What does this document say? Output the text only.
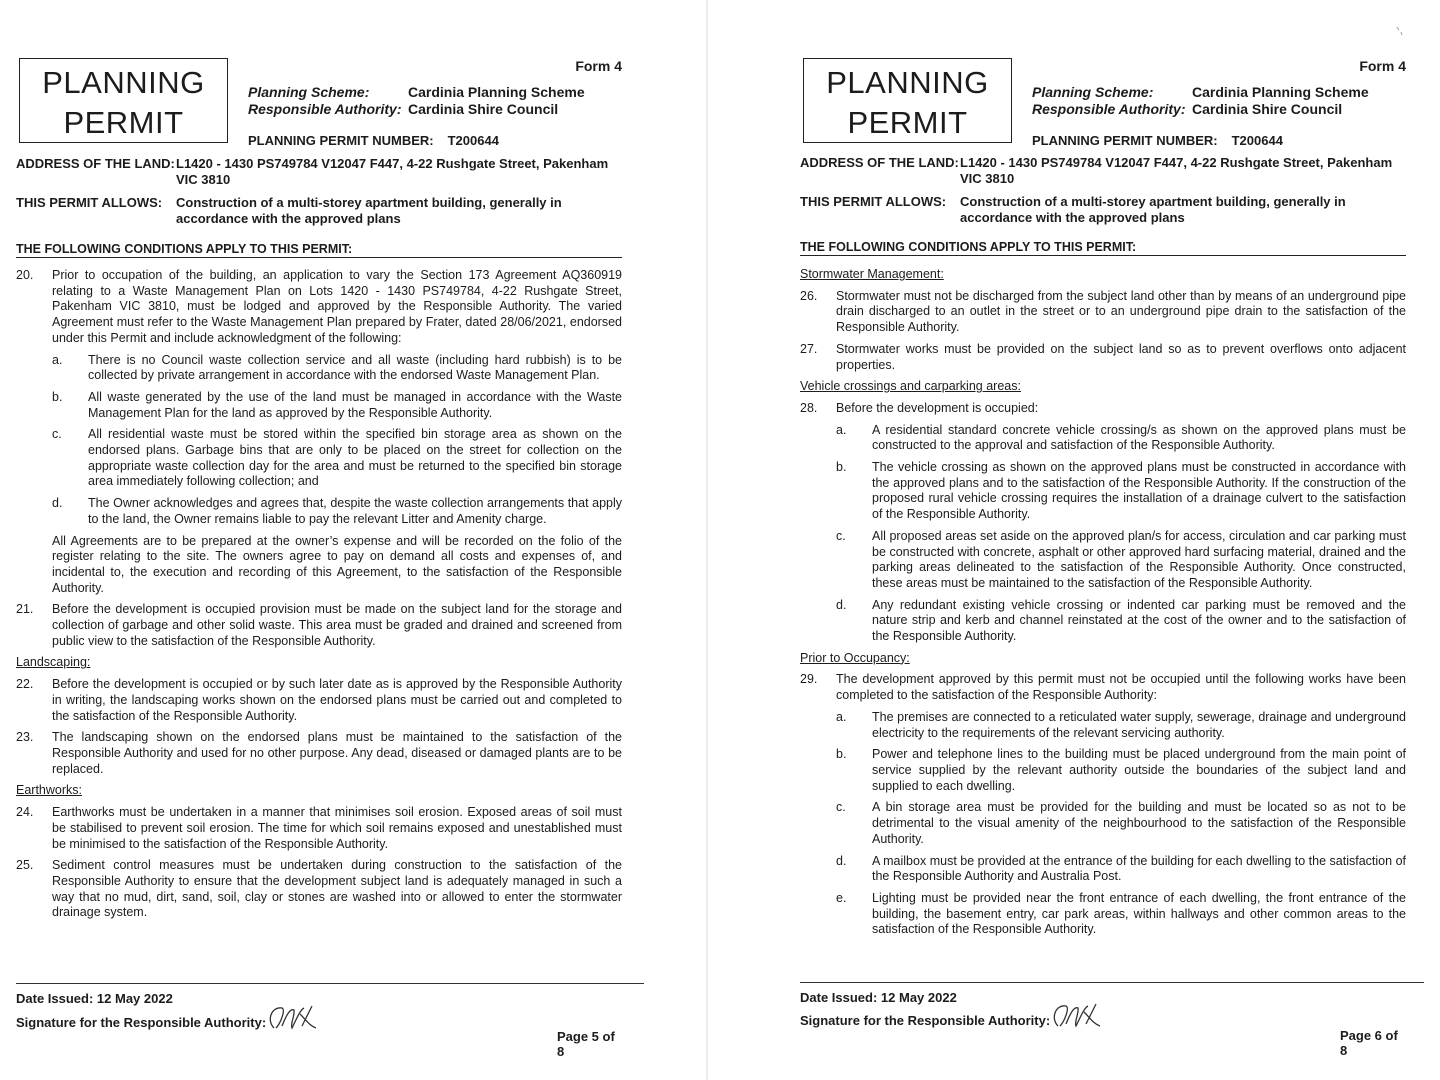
Form 4
PLANNING
PERMIT
Planning Scheme:	Cardinia Planning Scheme
Responsible Authority: Cardinia Shire Council
PLANNING PERMIT NUMBER: T200644
ADDRESS OF THE LAND: L1420 - 1430 PS749784 V12047 F447, 4-22 Rushgate Street, Pakenham VIC 3810
THIS PERMIT ALLOWS:	Construction of a multi-storey apartment building, generally in accordance with the approved plans
THE FOLLOWING CONDITIONS APPLY TO THIS PERMIT:
20.	Prior to occupation of the building, an application to vary the Section 173 Agreement AQ360919 relating to a Waste Management Plan on Lots 1420 - 1430 PS749784, 4-22 Rushgate Street, Pakenham VIC 3810, must be lodged and approved by the Responsible Authority. The varied Agreement must refer to the Waste Management Plan prepared by Frater, dated 28/06/2021, endorsed under this Permit and include acknowledgment of the following:
a.	There is no Council waste collection service and all waste (including hard rubbish) is to be collected by private arrangement in accordance with the endorsed Waste Management Plan.
b.	All waste generated by the use of the land must be managed in accordance with the Waste Management Plan for the land as approved by the Responsible Authority.
c.	All residential waste must be stored within the specified bin storage area as shown on the endorsed plans. Garbage bins that are only to be placed on the street for collection on the appropriate waste collection day for the area and must be returned to the specified bin storage area immediately following collection; and
d.	The Owner acknowledges and agrees that, despite the waste collection arrangements that apply to the land, the Owner remains liable to pay the relevant Litter and Amenity charge.
All Agreements are to be prepared at the owner’s expense and will be recorded on the folio of the register relating to the site. The owners agree to pay on demand all costs and expenses of, and incidental to, the execution and recording of this Agreement, to the satisfaction of the Responsible Authority.
21.	Before the development is occupied provision must be made on the subject land for the storage and collection of garbage and other solid waste. This area must be graded and drained and screened from public view to the satisfaction of the Responsible Authority.
Landscaping:
22.	Before the development is occupied or by such later date as is approved by the Responsible Authority in writing, the landscaping works shown on the endorsed plans must be carried out and completed to the satisfaction of the Responsible Authority.
23.	The landscaping shown on the endorsed plans must be maintained to the satisfaction of the Responsible Authority and used for no other purpose. Any dead, diseased or damaged plants are to be replaced.
Earthworks:
24.	Earthworks must be undertaken in a manner that minimises soil erosion. Exposed areas of soil must be stabilised to prevent soil erosion. The time for which soil remains exposed and unestablished must be minimised to the satisfaction of the Responsible Authority.
25.	Sediment control measures must be undertaken during construction to the satisfaction of the Responsible Authority to ensure that the development subject land is adequately managed in such a way that no mud, dirt, sand, soil, clay or stones are washed into or allowed to enter the stormwater drainage system.
Date Issued: 12 May 2022
Signature for the Responsible Authority:
Page 5 of 8
Form 4
PLANNING
PERMIT
Planning Scheme:	Cardinia Planning Scheme
Responsible Authority: Cardinia Shire Council
PLANNING PERMIT NUMBER: T200644
ADDRESS OF THE LAND: L1420 - 1430 PS749784 V12047 F447, 4-22 Rushgate Street, Pakenham VIC 3810
THIS PERMIT ALLOWS:	Construction of a multi-storey apartment building, generally in accordance with the approved plans
THE FOLLOWING CONDITIONS APPLY TO THIS PERMIT:
Stormwater Management:
26.	Stormwater must not be discharged from the subject land other than by means of an underground pipe drain discharged to an outlet in the street or to an underground pipe drain to the satisfaction of the Responsible Authority.
27.	Stormwater works must be provided on the subject land so as to prevent overflows onto adjacent properties.
Vehicle crossings and carparking areas:
28.	Before the development is occupied:
a.	A residential standard concrete vehicle crossing/s as shown on the approved plans must be constructed to the approval and satisfaction of the Responsible Authority.
b.	The vehicle crossing as shown on the approved plans must be constructed in accordance with the approved plans and to the satisfaction of the Responsible Authority. If the construction of the proposed rural vehicle crossing requires the installation of a drainage culvert to the satisfaction of the Responsible Authority.
c.	All proposed areas set aside on the approved plan/s for access, circulation and car parking must be constructed with concrete, asphalt or other approved hard surfacing material, drained and the parking areas delineated to the satisfaction of the Responsible Authority. Once constructed, these areas must be maintained to the satisfaction of the Responsible Authority.
d.	Any redundant existing vehicle crossing or indented car parking must be removed and the nature strip and kerb and channel reinstated at the cost of the owner and to the satisfaction of the Responsible Authority.
Prior to Occupancy:
29.	The development approved by this permit must not be occupied until the following works have been completed to the satisfaction of the Responsible Authority:
a.	The premises are connected to a reticulated water supply, sewerage, drainage and underground electricity to the requirements of the relevant servicing authority.
b.	Power and telephone lines to the building must be placed underground from the main point of service supplied by the relevant authority outside the boundaries of the subject land and supplied to each dwelling.
c.	A bin storage area must be provided for the building and must be located so as not to be detrimental to the visual amenity of the neighbourhood to the satisfaction of the Responsible Authority.
d.	A mailbox must be provided at the entrance of the building for each dwelling to the satisfaction of the Responsible Authority and Australia Post.
e.	Lighting must be provided near the front entrance of each dwelling, the front entrance of the building, the basement entry, car park areas, within hallways and other common areas to the satisfaction of the Responsible Authority.
Date Issued: 12 May 2022
Signature for the Responsible Authority:
Page 6 of 8
